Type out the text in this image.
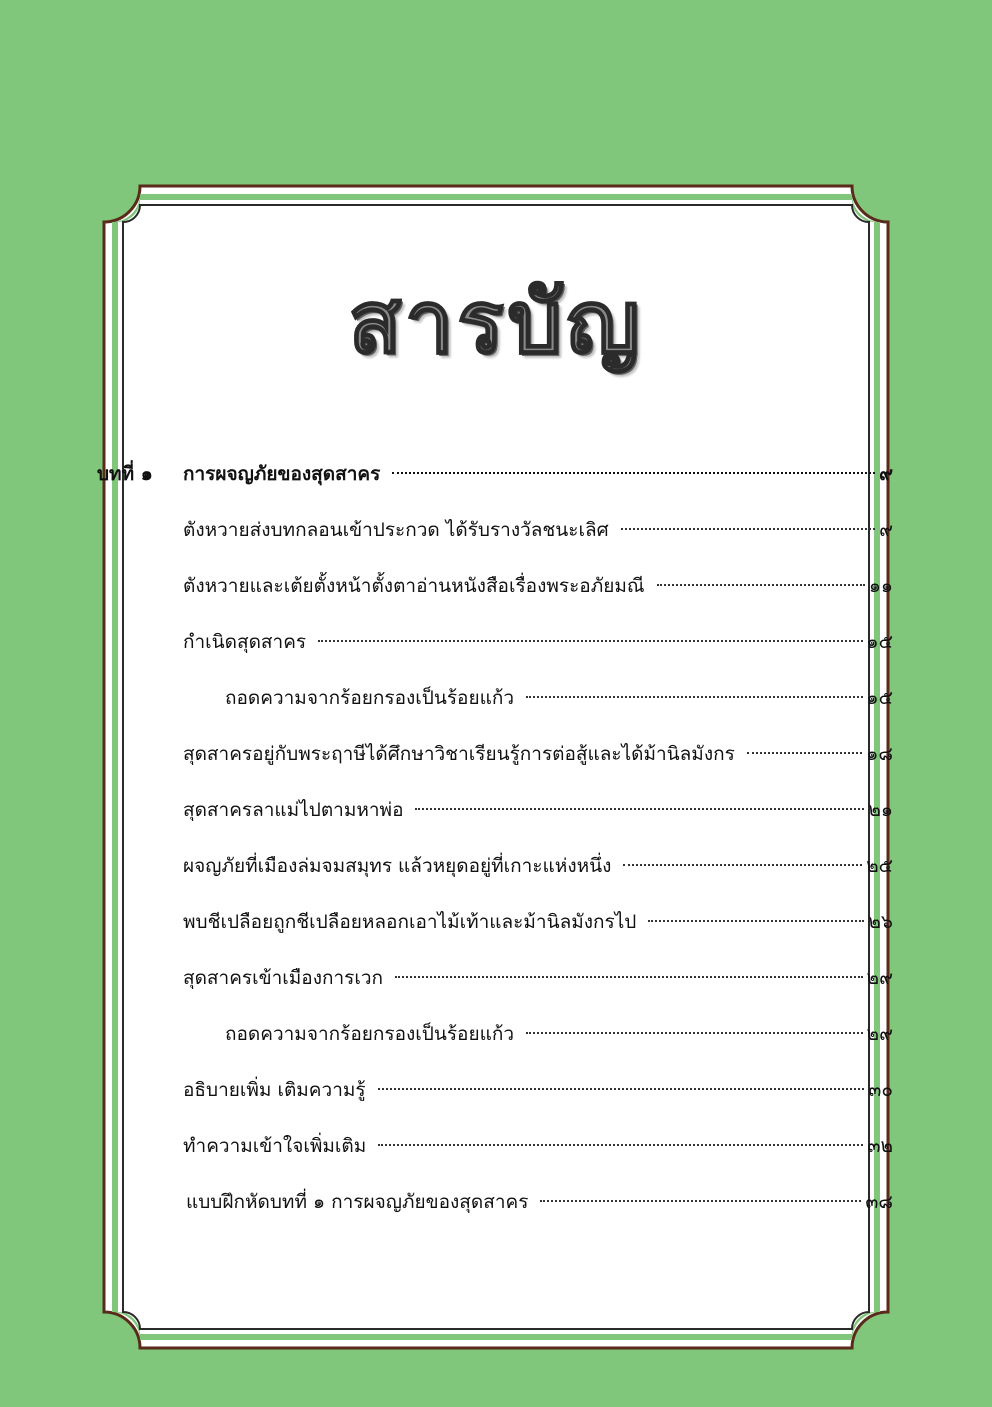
สารบัญ
บทที่ ๑ การผจญภัยของสุดสาคร	๙
ตังหวายส่งบทกลอนเข้าประกวด ได้รับรางวัลชนะเลิศ	๙
ตังหวายและเต้ยตั้งหน้าตั้งตาอ่านหนังสือเรื่องพระอภัยมณี	๑๑
กำเนิดสุดสาคร	๑๕
ถอดความจากร้อยกรองเป็นร้อยแก้ว	๑๕
สุดสาครอยู่กับพระฤาษีได้ศึกษาวิชาเรียนรู้การต่อสู้และได้ม้านิลมังกร	๑๘
สุดสาครลาแม่ไปตามหาพ่อ	๒๑
ผจญภัยที่เมืองล่มจมสมุทร แล้วหยุดอยู่ที่เกาะแห่งหนึ่ง	๒๕
พบชีเปลือยถูกชีเปลือยหลอกเอาไม้เท้าและม้านิลมังกรไป	๒๖
สุดสาครเข้าเมืองการเวก	๒๙
ถอดความจากร้อยกรองเป็นร้อยแก้ว	๒๙
อธิบายเพิ่ม เติมความรู้	๓๐
ทำความเข้าใจเพิ่มเติม	๓๒
แบบฝึกหัดบทที่ ๑ การผจญภัยของสุดสาคร	๓๘
